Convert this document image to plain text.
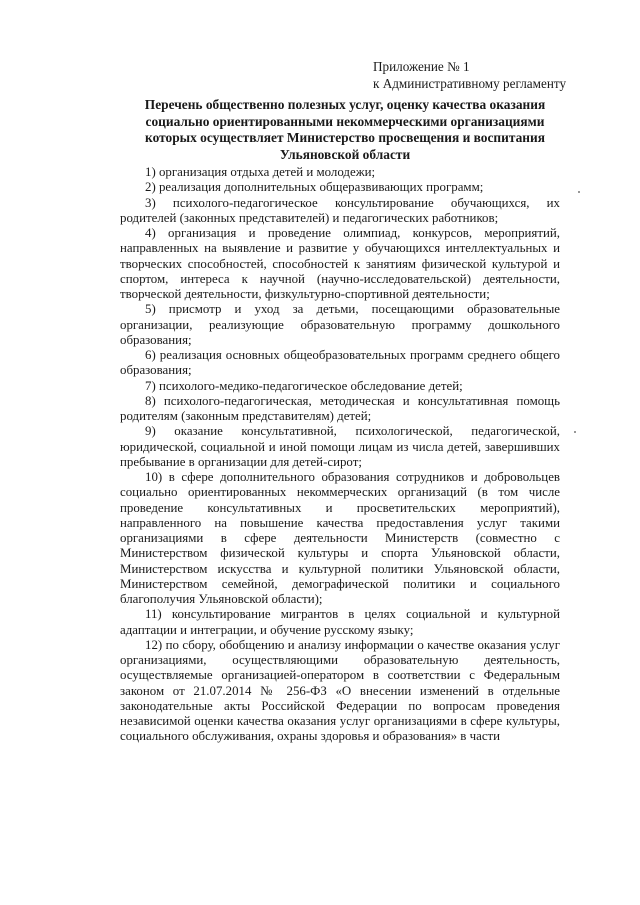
Приложение № 1
к Административному регламенту
Перечень общественно полезных услуг, оценку качества оказания социально ориентированными некоммерческими организациями которых осуществляет Министерство просвещения и воспитания Ульяновской области

1) организация отдыха детей и молодежи;

2) реализация дополнительных общеразвивающих программ;

3) психолого-педагогическое консультирование обучающихся, их родителей (законных представителей) и педагогических работников;

4) организация и проведение олимпиад, конкурсов, мероприятий, направленных на выявление и развитие у обучающихся интеллектуальных и творческих способностей, способностей к занятиям физической культурой и спортом, интереса к научной (научно-исследовательской) деятельности, творческой деятельности, физкультурно-спортивной деятельности;

5) присмотр и уход за детьми, посещающими образовательные организации, реализующие образовательную программу дошкольного образования;

6) реализация основных общеобразовательных программ среднего общего образования;

7) психолого-медико-педагогическое обследование детей;

8) психолого-педагогическая, методическая и консультативная помощь родителям (законным представителям) детей;

9) оказание консультативной, психологической, педагогической, юридической, социальной и иной помощи лицам из числа детей, завершивших пребывание в организации для детей-сирот;

10) в сфере дополнительного образования сотрудников и добровольцев социально ориентированных некоммерческих организаций (в том числе проведение консультативных и просветительских мероприятий), направленного на повышение качества предоставления услуг такими организациями в сфере деятельности Министерств (совместно с Министерством физической культуры и спорта Ульяновской области, Министерством искусства и культурной политики Ульяновской области, Министерством семейной, демографической политики и социального благополучия Ульяновской области);

11) консультирование мигрантов в целях социальной и культурной адаптации и интеграции, и обучение русскому языку;

12) по сбору, обобщению и анализу информации о качестве оказания услуг организациями, осуществляющими образовательную деятельность, осуществляемые организацией-оператором в соответствии с Федеральным законом от 21.07.2014 № 256-ФЗ «О внесении изменений в отдельные законодательные акты Российской Федерации по вопросам проведения независимой оценки качества оказания услуг организациями в сфере культуры, социального обслуживания, охраны здоровья и образования» в части
